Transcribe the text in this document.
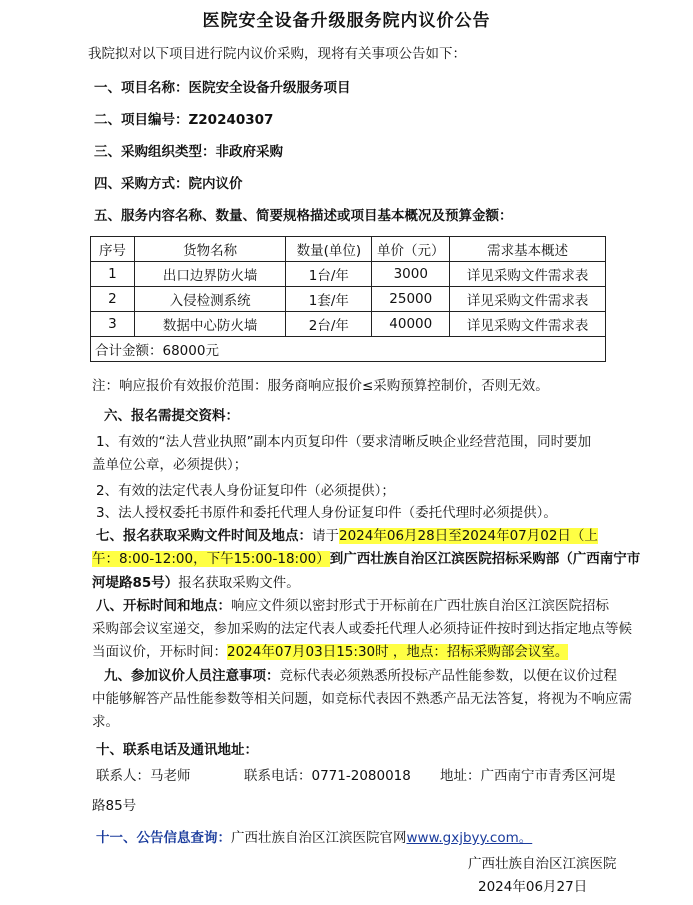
医院安全设备升级服务院内议价公告
我院拟对以下项目进行院内议价采购，现将有关事项公告如下：
一、项目名称：医院安全设备升级服务项目
二、项目编号：Z20240307
三、采购组织类型：非政府采购
四、采购方式：院内议价
五、服务内容名称、数量、简要规格描述或项目基本概况及预算金额：
序号	货物名称	数量(单位)	单价（元）	需求基本概述
1	出口边界防火墙	1台/年	3000	详见采购文件需求表
2	入侵检测系统	1套/年	25000	详见采购文件需求表
3	数据中心防火墙	2台/年	40000	详见采购文件需求表
合计金额：68000元				
注：响应报价有效报价范围：服务商响应报价≤采购预算控制价，否则无效。
六、报名需提交资料：
1、有效的“法人营业执照”副本内页复印件（要求清晰反映企业经营范围，同时要加
盖单位公章，必须提供）；
2、有效的法定代表人身份证复印件（必须提供）；
3、法人授权委托书原件和委托代理人身份证复印件（委托代理时必须提供）。
七、报名获取采购文件时间及地点：请于2024年06月28日至2024年07月02日（上
午：8:00-12:00，下午15:00-18:00）到广西壮族自治区江滨医院招标采购部（广西南宁市
河堤路85号）报名获取采购文件。
八、开标时间和地点：响应文件须以密封形式于开标前在广西壮族自治区江滨医院招标
采购部会议室递交，参加采购的法定代表人或委托代理人必须持证件按时到达指定地点等候
当面议价，开标时间：2024年07月03日15:30时 ，地点：招标采购部会议室。
九、参加议价人员注意事项：竞标代表必须熟悉所投标产品性能参数，以便在议价过程
中能够解答产品性能参数等相关问题，如竞标代表因不熟悉产品无法答复，将视为不响应需
求。
十、联系电话及通讯地址：
联系人：马老师	联系电话：0771-2080018 地址：广西南宁市青秀区河堤
路85号
十一、公告信息查询：广西壮族自治区江滨医院官网www.gxjbyy.com。
广西壮族自治区江滨医院
2024年06月27日
